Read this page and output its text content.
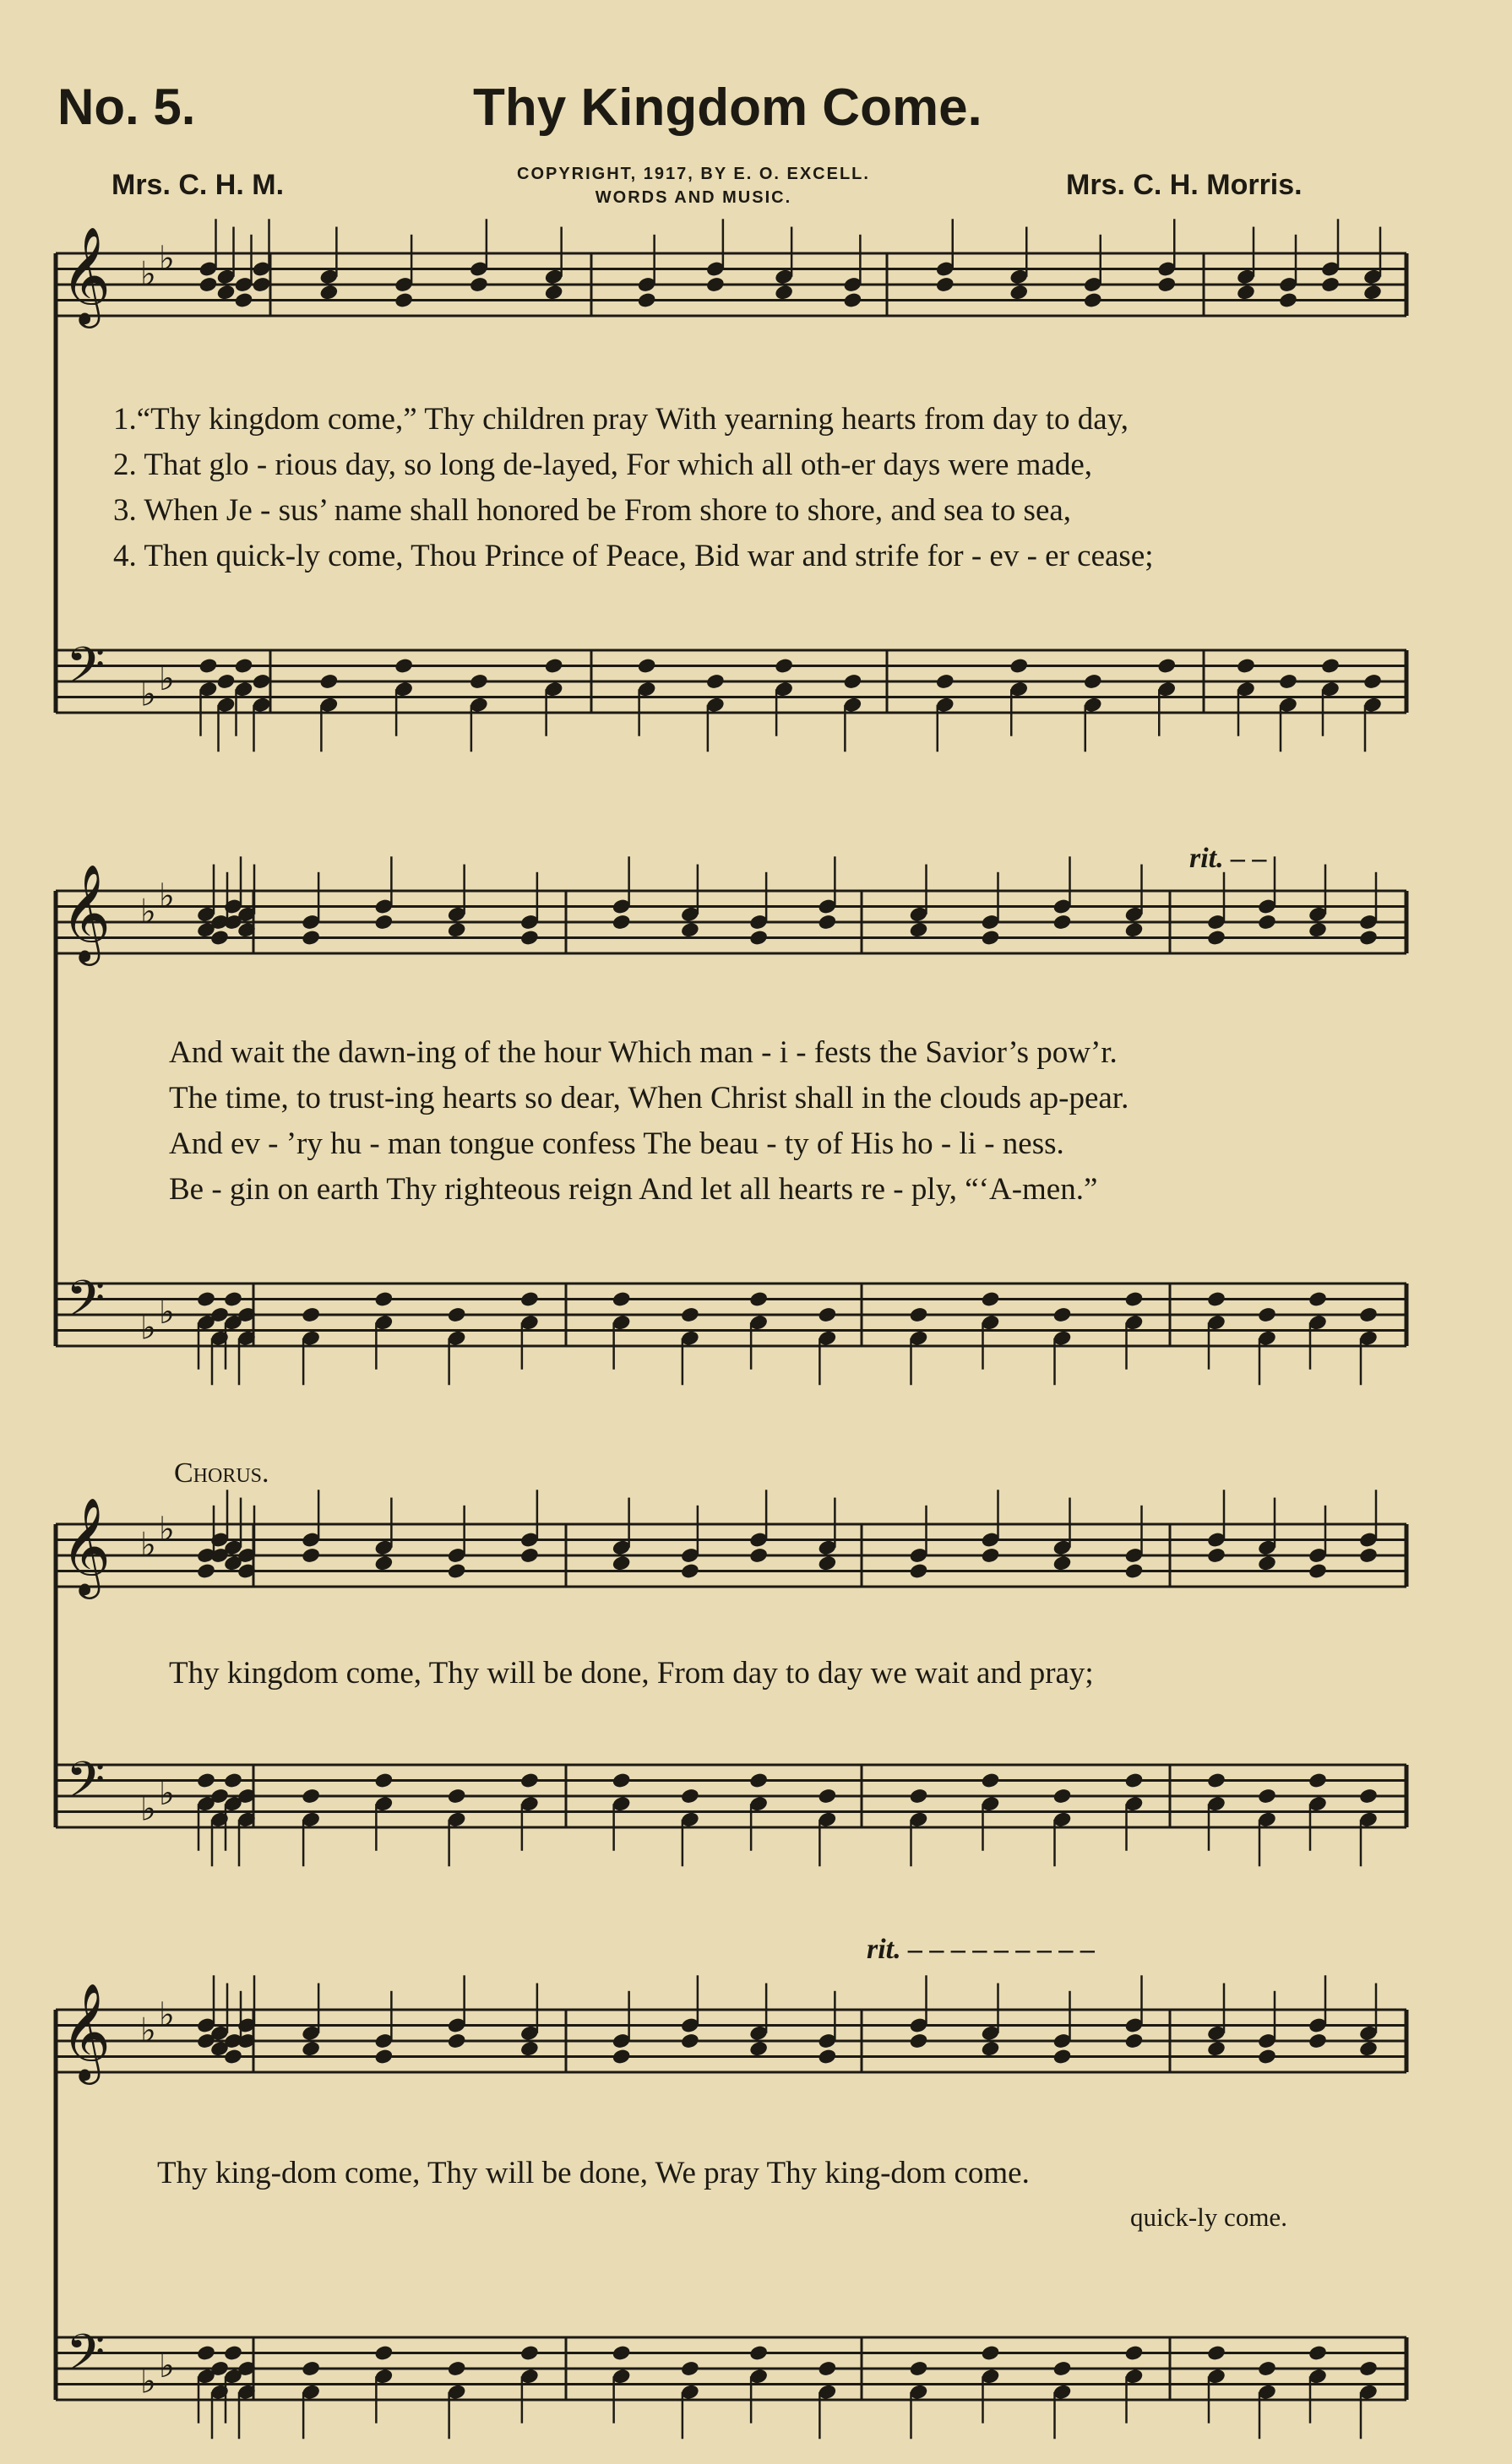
No. 5.	Thy Kingdom Come.
Mrs. C. H. M.	Mrs. C. H. Morris.
COPYRIGHT, 1917, BY E. O. EXCELL.
WORDS AND MUSIC.
𝄞
𝄢
♭ ♭
♭ ♭
𝄞
𝄢
♭ ♭
♭ ♭
𝄞
𝄢
♭ ♭
♭ ♭
𝄞
𝄢
♭ ♭
♭ ♭
1.“Thy kingdom come,” Thy children pray With yearning hearts from day to day,
2. That glo - rious day, so long de-layed, For which all oth-er days were made,
3. When Je - sus’ name shall honored be From shore to shore, and sea to sea,
4. Then quick-ly come, Thou Prince of Peace, Bid war and strife for - ev - er cease;
And wait the dawn-ing of the hour Which man - i - fests the Savior’s pow’r.
The time, to trust-ing hearts so dear, When Christ shall in the clouds ap-pear.
And ev - ’ry hu - man tongue confess The beau - ty of His ho - li - ness.
Be - gin on earth Thy righteous reign And let all hearts re - ply, “‘A-men.”
rit. – –
rit. – – – – – – – – –
Chorus.
Thy kingdom come, Thy will be done, From day to day we wait and pray;
Thy king-dom come, Thy will be done, We pray Thy king-dom come.
quick-ly come.
